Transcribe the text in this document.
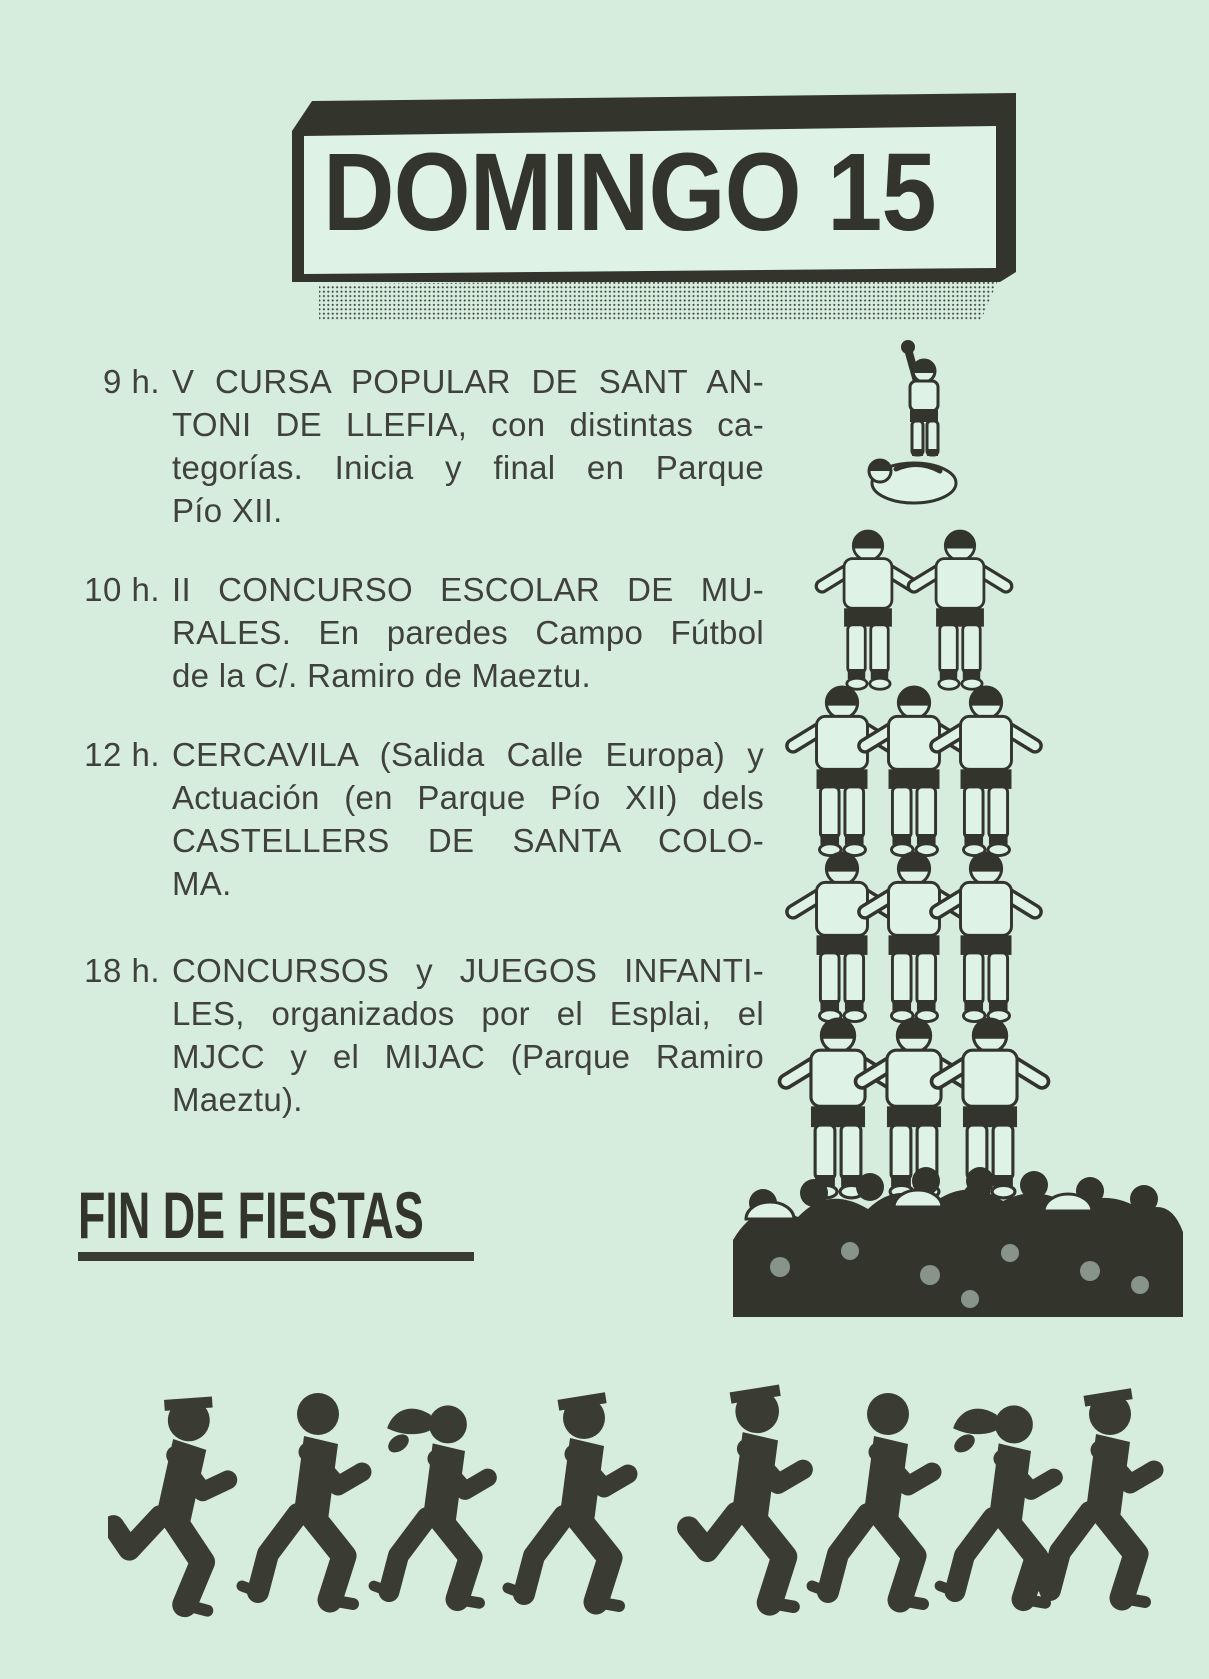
DOMINGO 15
9 h. V CURSA POPULAR DE SANT AN-
TONI DE LLEFIA, con distintas ca-
tegorías. Inicia y final en Parque
Pío XII.
10 h. II CONCURSO ESCOLAR DE MU-
RALES. En paredes Campo Fútbol
de la C/. Ramiro de Maeztu.
12 h. CERCAVILA (Salida Calle Europa) y
Actuación (en Parque Pío XII) dels
CASTELLERS DE SANTA COLO-
MA.
18 h. CONCURSOS y JUEGOS INFANTI-
LES, organizados por el Esplai, el
MJCC y el MIJAC (Parque Ramiro
Maeztu).
FIN DE FIESTAS
